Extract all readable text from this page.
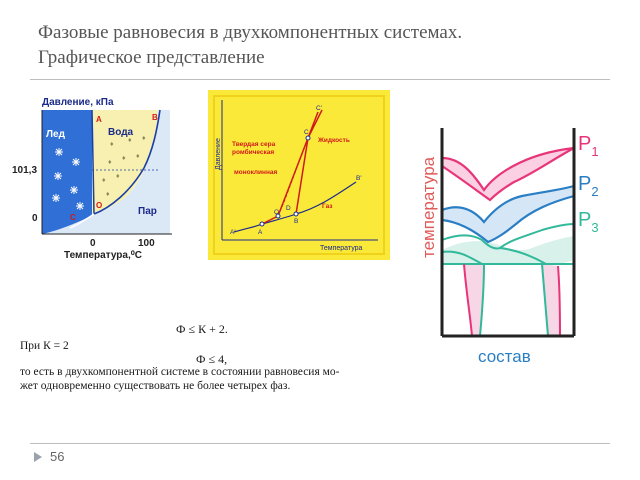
Фазовые равновесия в двухкомпонентных системах.
Графическое представление
Давление, кПа
♦
♦ ♦
♦
♦ ♦
♦
♦
♦
Лед	Вода
Пар
A	B
C
O
101,3
0
0	100
Температура,⁰С
Давление
Температура
Твердая сера
ромбическая
моноклинная
Жидкость
Газ
A
A'
B
B'
C
C'
O
D	температура
состав
$P_1$
$P_2$
$P_3$
Ф ≤ К + 2.
При К = 2
Ф ≤ 4,
то есть в двухкомпонентной системе в состоянии равновесия мо-
жет одновременно существовать не более четырех фаз.
56
